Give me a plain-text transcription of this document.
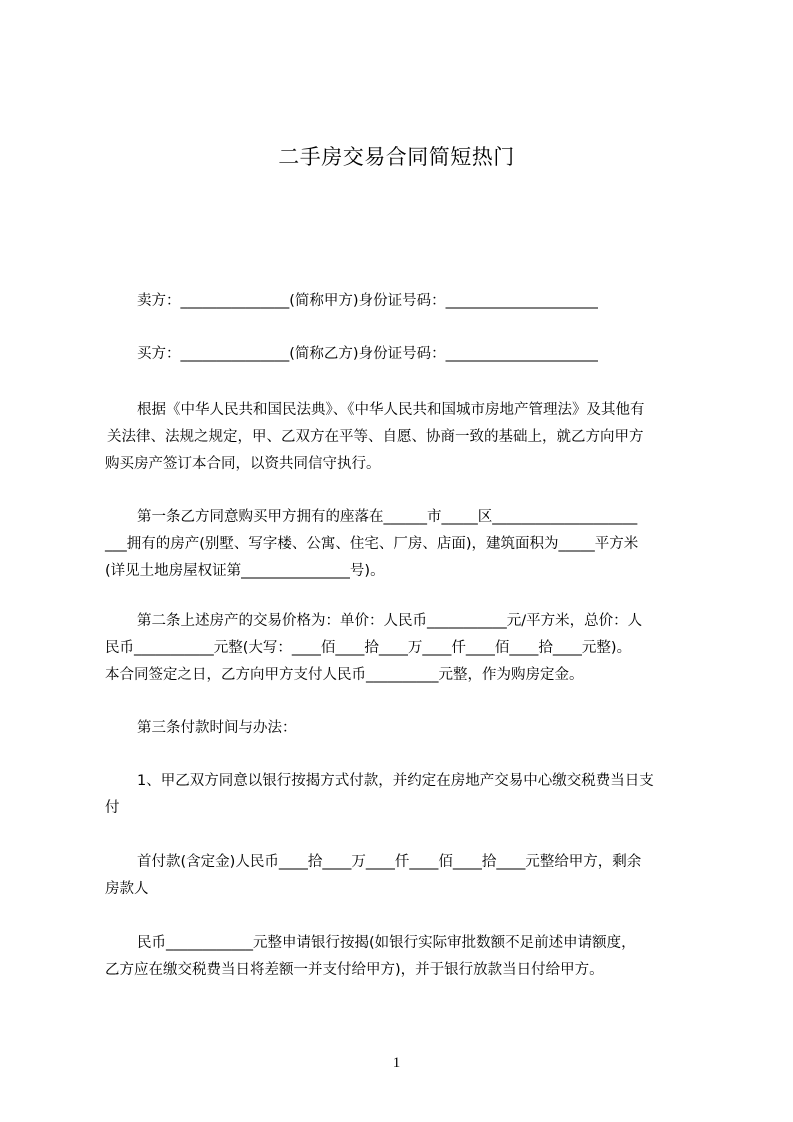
二手房交易合同简短热门
卖方：_______________(简称甲方)身份证号码：_____________________
买方：_______________(简称乙方)身份证号码：_____________________
根据《中华人民共和国民法典》、《中华人民共和国城市房地产管理法》及其他有
关法律、法规之规定，甲、乙双方在平等、自愿、协商一致的基础上，就乙方向甲方
购买房产签订本合同，以资共同信守执行。
第一条乙方同意购买甲方拥有的座落在______市_____区____________________
___拥有的房产(别墅、写字楼、公寓、住宅、厂房、店面)，建筑面积为_____平方米
(详见土地房屋权证第_______________号)。
第二条上述房产的交易价格为：单价：人民币___________元/平方米，总价：人
民币___________元整(大写：____佰____拾____万____仟____佰____拾____元整)。
本合同签定之日，乙方向甲方支付人民币__________元整，作为购房定金。
第三条付款时间与办法：
1、甲乙双方同意以银行按揭方式付款，并约定在房地产交易中心缴交税费当日支
付
首付款(含定金)人民币____拾____万____仟____佰____拾____元整给甲方，剩余
房款人
民币____________元整申请银行按揭(如银行实际审批数额不足前述申请额度，
乙方应在缴交税费当日将差额一并支付给甲方)，并于银行放款当日付给甲方。
1
